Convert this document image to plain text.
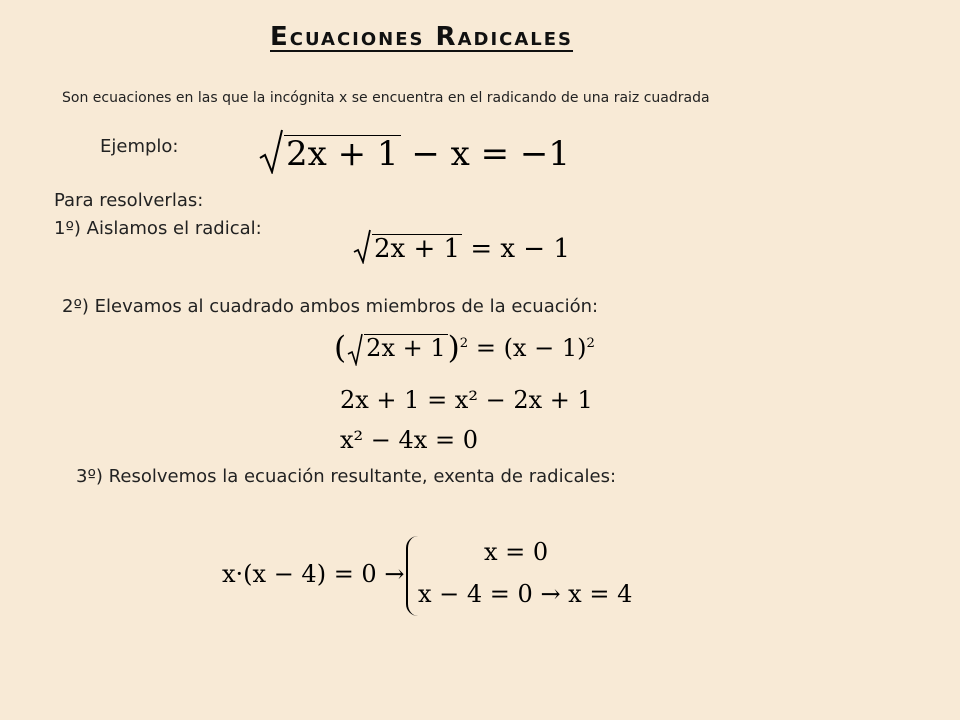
Ecuaciones Radicales
Son ecuaciones en las que la incógnita x se encuentra en el radicando de una raiz cuadrada
Ejemplo:	2x + 1 − x = −1
Para resolverlas:
1º) Aislamos el radical:
2x + 1 = x − 1
2º) Elevamos al cuadrado ambos miembros de la ecuación:
( $2x + 1)^2 = (x - 1)^2$
2x + 1 = x² − 2x + 1
x² − 4x = 0
3º) Resolvemos la ecuación resultante, exenta de radicales:
x·(x − 4) = 0 →
x = 0
x − 4 = 0 → x = 4
